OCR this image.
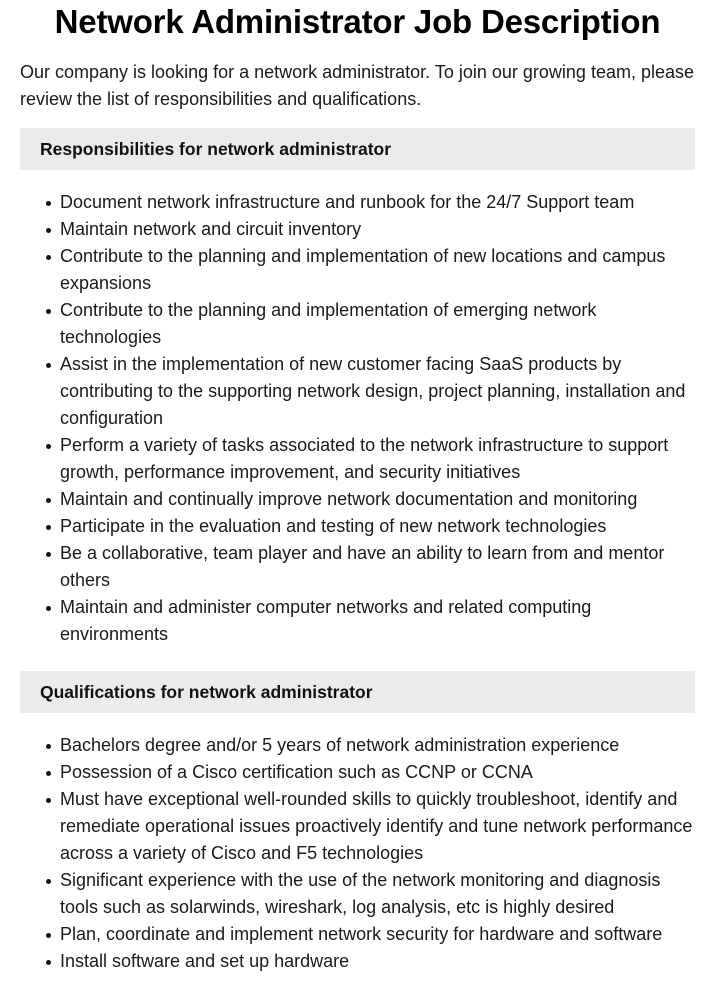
Network Administrator Job Description

Our company is looking for a network administrator. To join our growing team, please review the list of responsibilities and qualifications.

Responsibilities for network administrator
Document network infrastructure and runbook for the 24/7 Support team
Maintain network and circuit inventory
Contribute to the planning and implementation of new locations and campus expansions
Contribute to the planning and implementation of emerging network technologies
Assist in the implementation of new customer facing SaaS products by contributing to the supporting network design, project planning, installation and configuration
Perform a variety of tasks associated to the network infrastructure to support growth, performance improvement, and security initiatives
Maintain and continually improve network documentation and monitoring
Participate in the evaluation and testing of new network technologies
Be a collaborative, team player and have an ability to learn from and mentor others
Maintain and administer computer networks and related computing environments
Qualifications for network administrator
Bachelors degree and/or 5 years of network administration experience
Possession of a Cisco certification such as CCNP or CCNA
Must have exceptional well-rounded skills to quickly troubleshoot, identify and remediate operational issues proactively identify and tune network performance across a variety of Cisco and F5 technologies
Significant experience with the use of the network monitoring and diagnosis tools such as solarwinds, wireshark, log analysis, etc is highly desired
Plan, coordinate and implement network security for hardware and software
Install software and set up hardware
